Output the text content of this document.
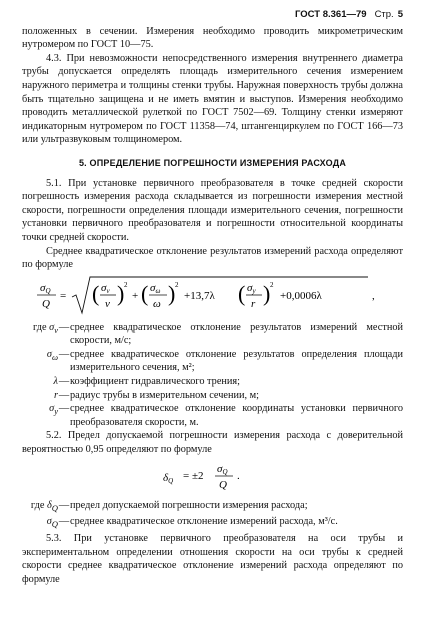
ГОСТ 8.361—79 Стр. 5

положенных в сечении. Измерения необходимо проводить микрометрическим нутромером по ГОСТ 10—75.

4.3. При невозможности непосредственного измерения внутреннего диаметра трубы допускается определять площадь измерительного сечения измерением наружного периметра и толщины стенки трубы. Наружная поверхность трубы должна быть тщательно защищена и не иметь вмятин и выступов. Измерения необходимо проводить металлической рулеткой по ГОСТ 7502—69. Толщину стенки измеряют индикаторным нутромером по ГОСТ 11358—74, штангенциркулем по ГОСТ 166—73 или ультразвуковым толщиномером.

5. ОПРЕДЕЛЕНИЕ ПОГРЕШНОСТИ ИЗМЕРЕНИЯ РАСХОДА

5.1. При установке первичного преобразователя в точке средней скорости погрешность измерения расхода складывается из погрешности измерения местной скорости, погрешности определения площади измерительного сечения, погрешности установки первичного преобразователя и погрешности относительной координаты точки средней скорости.

Среднее квадратическое отклонение результатов измерений расхода определяют по формуле

σQ
Q
= ( σv
v ) 2
+ ( σω
ω ) 2
+13,7λ ( σy
r ) 2
+0,0006λ	,
где $\sigma_v$	—	среднее квадратическое отклонение результатов измерений местной скорости, м/с;
$\sigma_\omega$	—	среднее квадратическое отклонение результатов определения площади измерительного сечения, м²;
λ	—	коэффициент гидравлического трения;
r	—	радиус трубы в измерительном сечении, м;
$\sigma_y$	—	среднее квадратическое отклонение координаты установки первичного преобразователя скорости, м.

5.2. Предел допускаемой погрешности измерения расхода с доверительной вероятностью 0,95 определяют по формуле

δQ = ±2
σQ
Q
.
где $\delta_Q$	—	предел допускаемой погрешности измерения расхода;
$\sigma_Q$	—	среднее квадратическое отклонение измерений расхода, м³/с.

5.3. При установке первичного преобразователя на оси трубы и экспериментальном определении отношения скорости на оси трубы к средней скорости среднее квадратическое отклонение измерений расхода определяют по формуле
